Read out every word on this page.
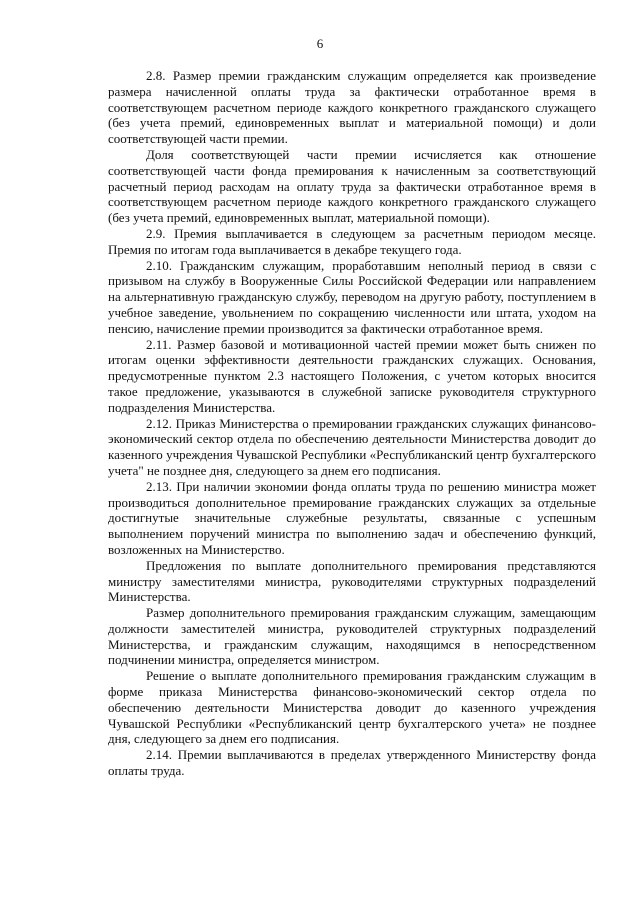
6

2.8. Размер премии гражданским служащим определяется как произведение размера начисленной оплаты труда за фактически отработанное время в соответствующем расчетном периоде каждого конкретного гражданского служащего (без учета премий, единовременных выплат и материальной помощи) и доли соответствующей части премии.

Доля соответствующей части премии исчисляется как отношение соответствующей части фонда премирования к начисленным за соответствующий расчетный период расходам на оплату труда за фактически отработанное время в соответствующем расчетном периоде каждого конкретного гражданского служащего (без учета премий, единовременных выплат, материальной помощи).

2.9. Премия выплачивается в следующем за расчетным периодом месяце. Премия по итогам года выплачивается в декабре текущего года.

2.10. Гражданским служащим, проработавшим неполный период в связи с призывом на службу в Вооруженные Силы Российской Федерации или направлением на альтернативную гражданскую службу, переводом на другую работу, поступлением в учебное заведение, увольнением по сокращению численности или штата, уходом на пенсию, начисление премии производится за фактически отработанное время.

2.11. Размер базовой и мотивационной частей премии может быть снижен по итогам оценки эффективности деятельности гражданских служащих. Основания, предусмотренные пунктом 2.3 настоящего Положения, с учетом которых вносится такое предложение, указываются в служебной записке руководителя структурного подразделения Министерства.

2.12. Приказ Министерства о премировании гражданских служащих финансово-экономический сектор отдела по обеспечению деятельности Министерства доводит до казенного учреждения Чувашской Республики «Республиканский центр бухгалтерского учета" не позднее дня, следующего за днем его подписания.

2.13. При наличии экономии фонда оплаты труда по решению министра может производиться дополнительное премирование гражданских служащих за отдельные достигнутые значительные служебные результаты, связанные с успешным выполнением поручений министра по выполнению задач и обеспечению функций, возложенных на Министерство.

Предложения по выплате дополнительного премирования представляются министру заместителями министра, руководителями структурных подразделений Министерства.

Размер дополнительного премирования гражданским служащим, замещающим должности заместителей министра, руководителей структурных подразделений Министерства, и гражданским служащим, находящимся в непосредственном подчинении министра, определяется министром.

Решение о выплате дополнительного премирования гражданским служащим в форме приказа Министерства финансово-экономический сектор отдела по обеспечению деятельности Министерства доводит до казенного учреждения Чувашской Республики «Республиканский центр бухгалтерского учета» не позднее дня, следующего за днем его подписания.

2.14. Премии выплачиваются в пределах утвержденного Министерству фонда оплаты труда.
